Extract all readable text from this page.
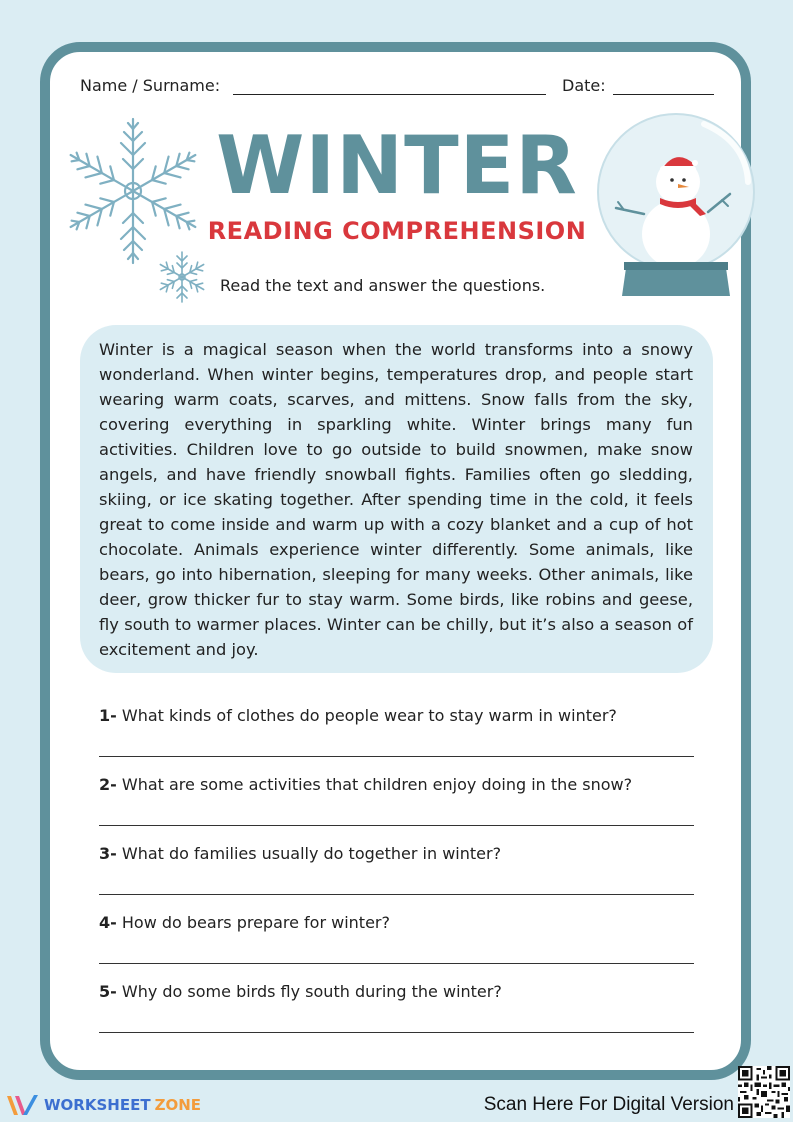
Name / Surname:	Date:
WINTER
READING COMPREHENSION
Read the text and answer the questions.
Winter is a magical season when the world transforms into a snowy wonderland. When winter begins, temperatures drop, and people start wearing warm coats, scarves, and mittens. Snow falls from the sky, covering everything in sparkling white. Winter brings many fun activities. Children love to go outside to build snowmen, make snow angels, and have friendly snowball fights. Families often go sledding, skiing, or ice skating together. After spending time in the cold, it feels great to come inside and warm up with a cozy blanket and a cup of hot chocolate. Animals experience winter differently. Some animals, like bears, go into hibernation, sleeping for many weeks. Other animals, like deer, grow thicker fur to stay warm. Some birds, like robins and geese, fly south to warmer places. Winter can be chilly, but it’s also a season of excitement and joy.
1- What kinds of clothes do people wear to stay warm in winter?
2- What are some activities that children enjoy doing in the snow?
3- What do families usually do together in winter?
4- How do bears prepare for winter?
5- Why do some birds fly south during the winter?
WORKSHEET ZONE	Scan Here For Digital Version
